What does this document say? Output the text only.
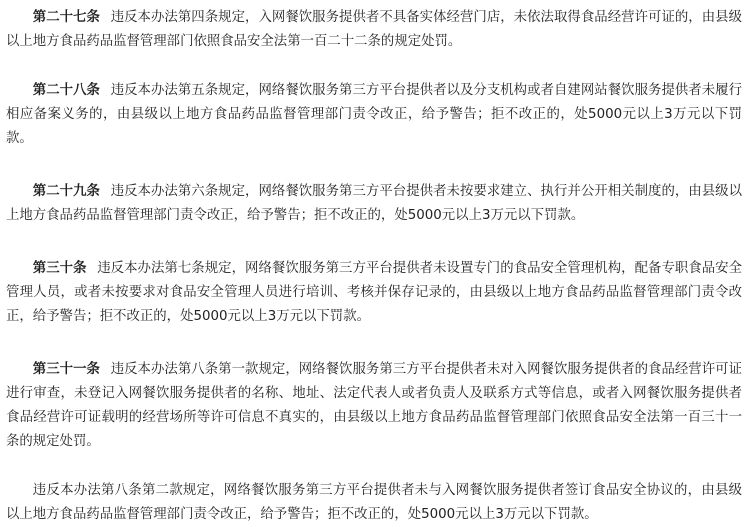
第二十七条 违反本办法第四条规定，入网餐饮服务提供者不具备实体经营门店，未依法取得食品经营许可证的，由县级以上地方食品药品监督管理部门依照食品安全法第一百二十二条的规定处罚。

第二十八条 违反本办法第五条规定，网络餐饮服务第三方平台提供者以及分支机构或者自建网站餐饮服务提供者未履行相应备案义务的，由县级以上地方食品药品监督管理部门责令改正，给予警告；拒不改正的，处5000元以上3万元以下罚款。

第二十九条 违反本办法第六条规定，网络餐饮服务第三方平台提供者未按要求建立、执行并公开相关制度的，由县级以上地方食品药品监督管理部门责令改正，给予警告；拒不改正的，处5000元以上3万元以下罚款。

第三十条 违反本办法第七条规定，网络餐饮服务第三方平台提供者未设置专门的食品安全管理机构，配备专职食品安全管理人员，或者未按要求对食品安全管理人员进行培训、考核并保存记录的，由县级以上地方食品药品监督管理部门责令改正，给予警告；拒不改正的，处5000元以上3万元以下罚款。

第三十一条 违反本办法第八条第一款规定，网络餐饮服务第三方平台提供者未对入网餐饮服务提供者的食品经营许可证进行审查，未登记入网餐饮服务提供者的名称、地址、法定代表人或者负责人及联系方式等信息，或者入网餐饮服务提供者食品经营许可证载明的经营场所等许可信息不真实的，由县级以上地方食品药品监督管理部门依照食品安全法第一百三十一条的规定处罚。

违反本办法第八条第二款规定，网络餐饮服务第三方平台提供者未与入网餐饮服务提供者签订食品安全协议的，由县级以上地方食品药品监督管理部门责令改正，给予警告；拒不改正的，处5000元以上3万元以下罚款。
